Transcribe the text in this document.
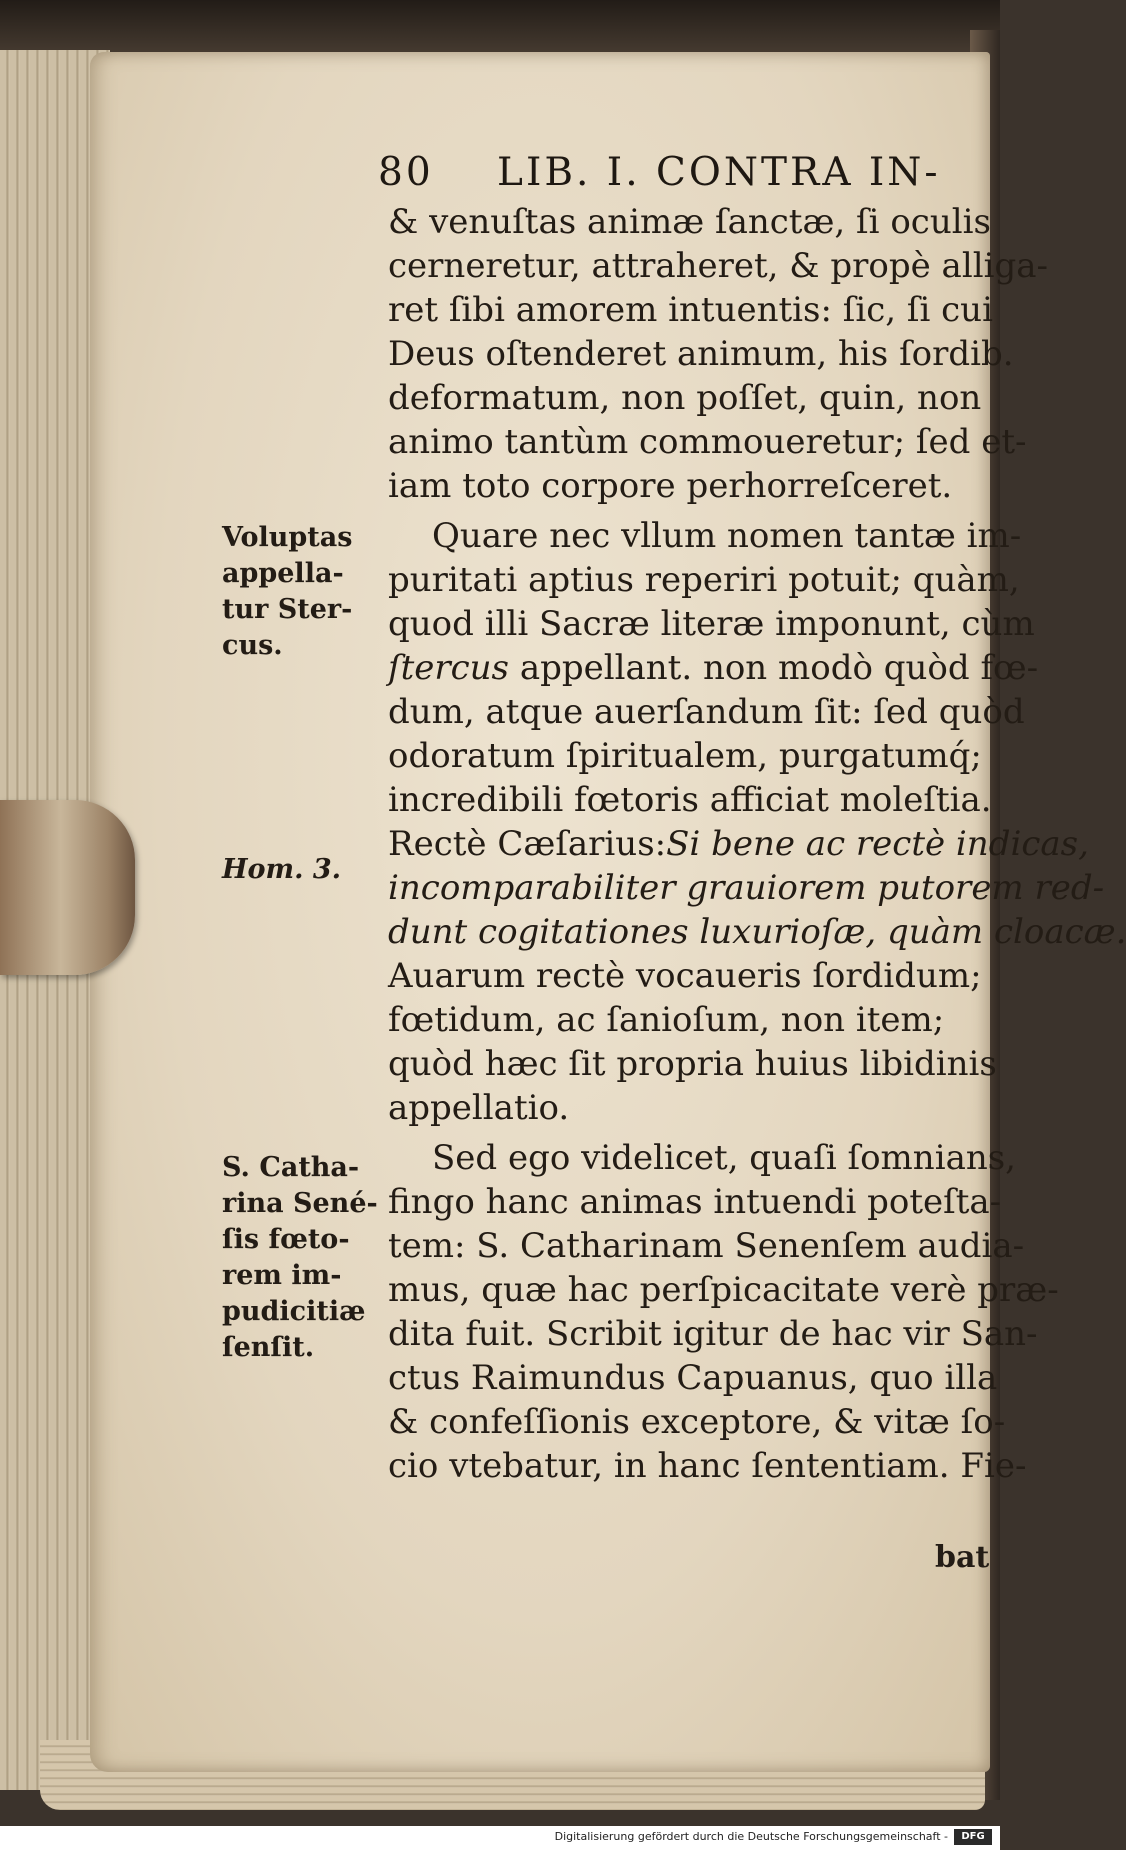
80 LIB. I. CONTRA IN-
& venuſtas animæ ſanctæ, ſi oculis
cerneretur, attraheret, & propè alliga-
ret ſibi amorem intuentis: ſic, ſi cui
Deus oſtenderet animum, his ſordib.
deformatum, non poſſet, quin, non
animo tantùm commoueretur; ſed et-
iam toto corpore perhorreſceret.
Quare nec vllum nomen tantæ im-
puritati aptius reperiri potuit; quàm,
quod illi Sacræ literæ imponunt, cùm
ſtercus appellant. non modò quòd fœ-
dum, atque auerſandum ſit: ſed quòd
odoratum ſpiritualem, purgatumq́;
incredibili fœtoris afficiat moleſtia.
Rectè Cæſarius:Si bene ac rectè indicas,
incomparabiliter grauiorem putorem red-
dunt cogitationes luxurioſæ, quàm cloacæ.
Auarum rectè vocaueris ſordidum;
fœtidum, ac ſanioſum, non item;
quòd hæc ſit propria huius libidinis
appellatio.
Sed ego videlicet, quaſi ſomnians,
fingo hanc animas intuendi poteſta-
tem: S. Catharinam Senenſem audia-
mus, quæ hac perſpicacitate verè præ-
dita fuit. Scribit igitur de hac vir San-
ctus Raimundus Capuanus, quo illa
& confeſſionis exceptore, & vitæ ſo-
cio vtebatur, in hanc ſententiam. Fie-
bat
Voluptas
appella-
tur Ster-
cus.
Hom. 3.
S. Catha-
rina Sené-
ſis fœto-
rem im-
pudicitiæ
ſenſit.
Digitalisierung gefördert durch die Deutsche Forschungsgemeinschaft -	DFG
